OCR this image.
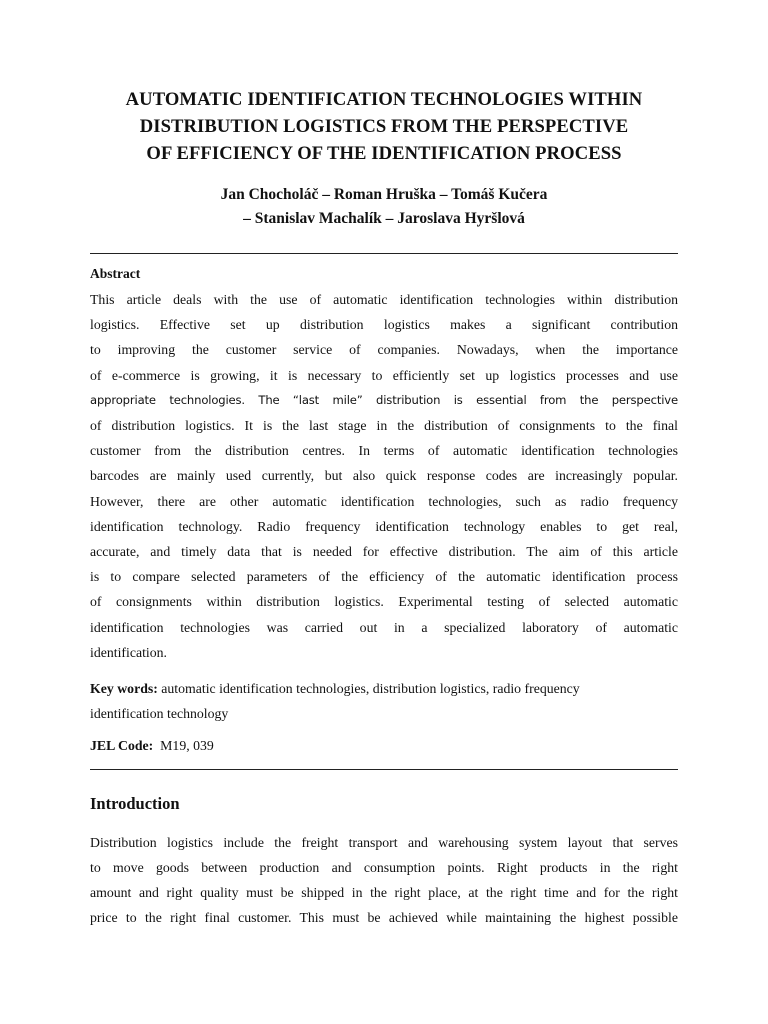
AUTOMATIC IDENTIFICATION TECHNOLOGIES WITHIN
DISTRIBUTION LOGISTICS FROM THE PERSPECTIVE
OF EFFICIENCY OF THE IDENTIFICATION PROCESS
Jan Chocholáč – Roman Hruška – Tomáš Kučera
– Stanislav Machalík – Jaroslava Hyršlová
Abstract
This article deals with the use of automatic identification technologies within distribution
logistics. Effective set up distribution logistics makes a significant contribution
to improving the customer service of companies. Nowadays, when the importance
of e-commerce is growing, it is necessary to efficiently set up logistics processes and use
appropriate technologies. The “last mile” distribution is essential from the perspective
of distribution logistics. It is the last stage in the distribution of consignments to the final
customer from the distribution centres. In terms of automatic identification technologies
barcodes are mainly used currently, but also quick response codes are increasingly popular.
However, there are other automatic identification technologies, such as radio frequency
identification technology. Radio frequency identification technology enables to get real,
accurate, and timely data that is needed for effective distribution. The aim of this article
is to compare selected parameters of the efficiency of the automatic identification process
of consignments within distribution logistics. Experimental testing of selected automatic
identification technologies was carried out in a specialized laboratory of automatic
identification.
Key words: automatic identification technologies, distribution logistics, radio frequency
identification technology
JEL Code:  M19, 039
Introduction
Distribution logistics include the freight transport and warehousing system layout that serves
to move goods between production and consumption points. Right products in the right
amount and right quality must be shipped in the right place, at the right time and for the right
price to the right final customer. This must be achieved while maintaining the highest possible
